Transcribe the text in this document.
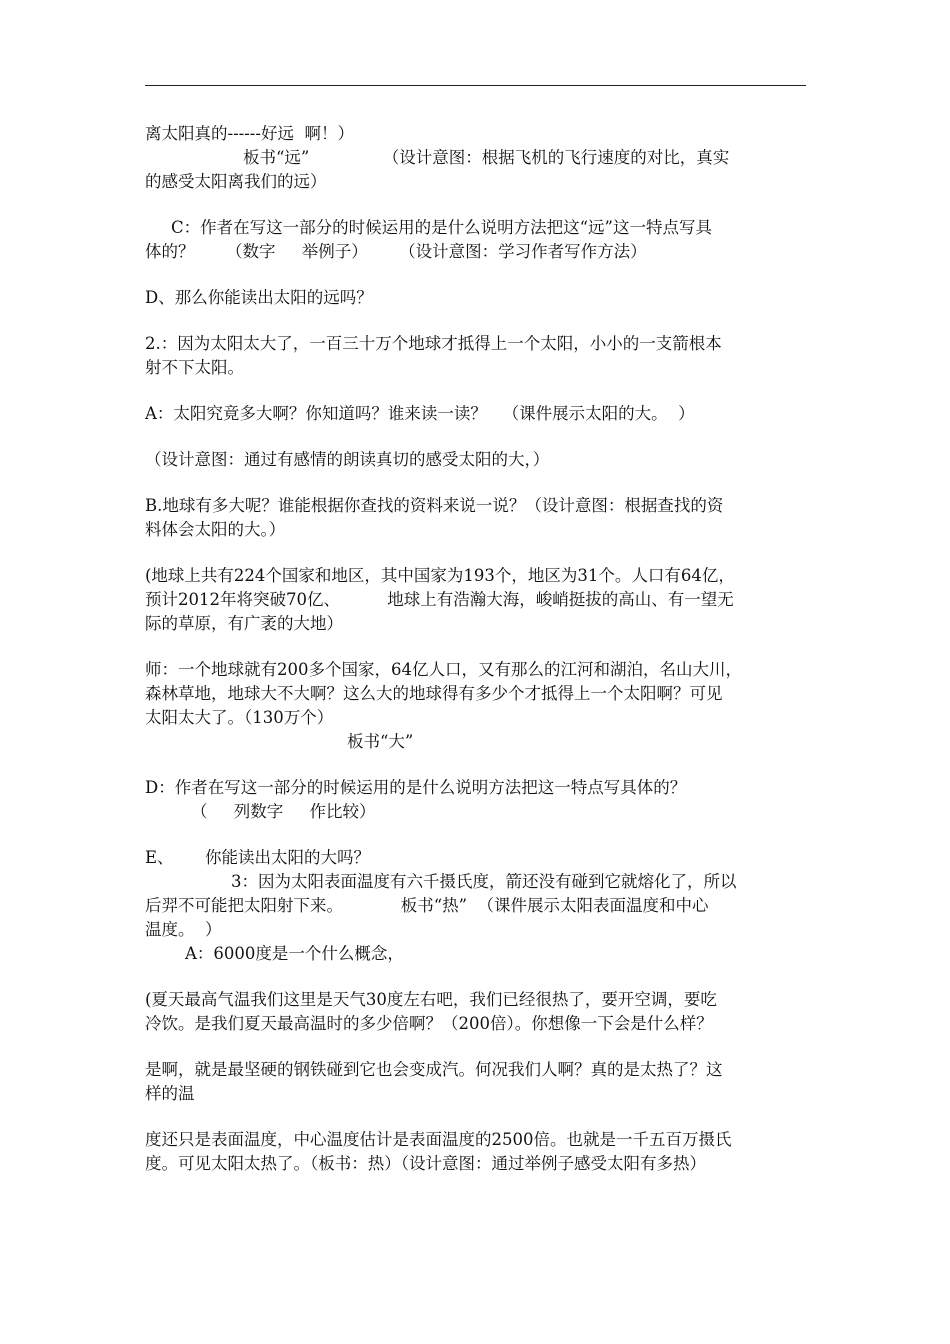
离太阳真的------好远  啊！）

板书“远”              （设计意图：根据飞机的飞行速度的对比，真实

的感受太阳离我们的远）

C：作者在写这一部分的时候运用的是什么说明方法把这“远”这一特点写具

体的？      （数字     举例子）      （设计意图：学习作者写作方法）

D、那么你能读出太阳的远吗？

2.：因为太阳太大了，一百三十万个地球才抵得上一个太阳，小小的一支箭根本

射不下太阳。

A：太阳究竟多大啊？你知道吗？谁来读一读？   （课件展示太阳的大。  ）

（设计意图：通过有感情的朗读真切的感受太阳的大，）

B.地球有多大呢？谁能根据你查找的资料来说一说？（设计意图：根据查找的资

料体会太阳的大。）

(地球上共有224个国家和地区，其中国家为193个，地区为31个。人口有64亿，

预计2012年将突破70亿、         地球上有浩瀚大海，峻峭挺拔的高山、有一望无

际的草原，有广袤的大地）

师：一个地球就有200多个国家，64亿人口，又有那么的江河和湖泊，名山大川，

森林草地，地球大不大啊？这么大的地球得有多少个才抵得上一个太阳啊？可见

太阳太大了。（130万个）

板书“大”

D：作者在写这一部分的时候运用的是什么说明方法把这一特点写具体的？

（     列数字     作比较）

E、      你能读出太阳的大吗？

3：因为太阳表面温度有六千摄氏度，箭还没有碰到它就熔化了，所以

后羿不可能把太阳射下来。           板书“热”  （课件展示太阳表面温度和中心

温度。  ）

A：6000度是一个什么概念，

(夏天最高气温我们这里是天气30度左右吧，我们已经很热了，要开空调，要吃

冷饮。是我们夏天最高温时的多少倍啊？（200倍）。你想像一下会是什么样？

是啊，就是最坚硬的钢铁碰到它也会变成汽。何况我们人啊？真的是太热了？这

样的温

度还只是表面温度，中心温度估计是表面温度的2500倍。也就是一千五百万摄氏

度。可见太阳太热了。（板书：热）（设计意图：通过举例子感受太阳有多热）
